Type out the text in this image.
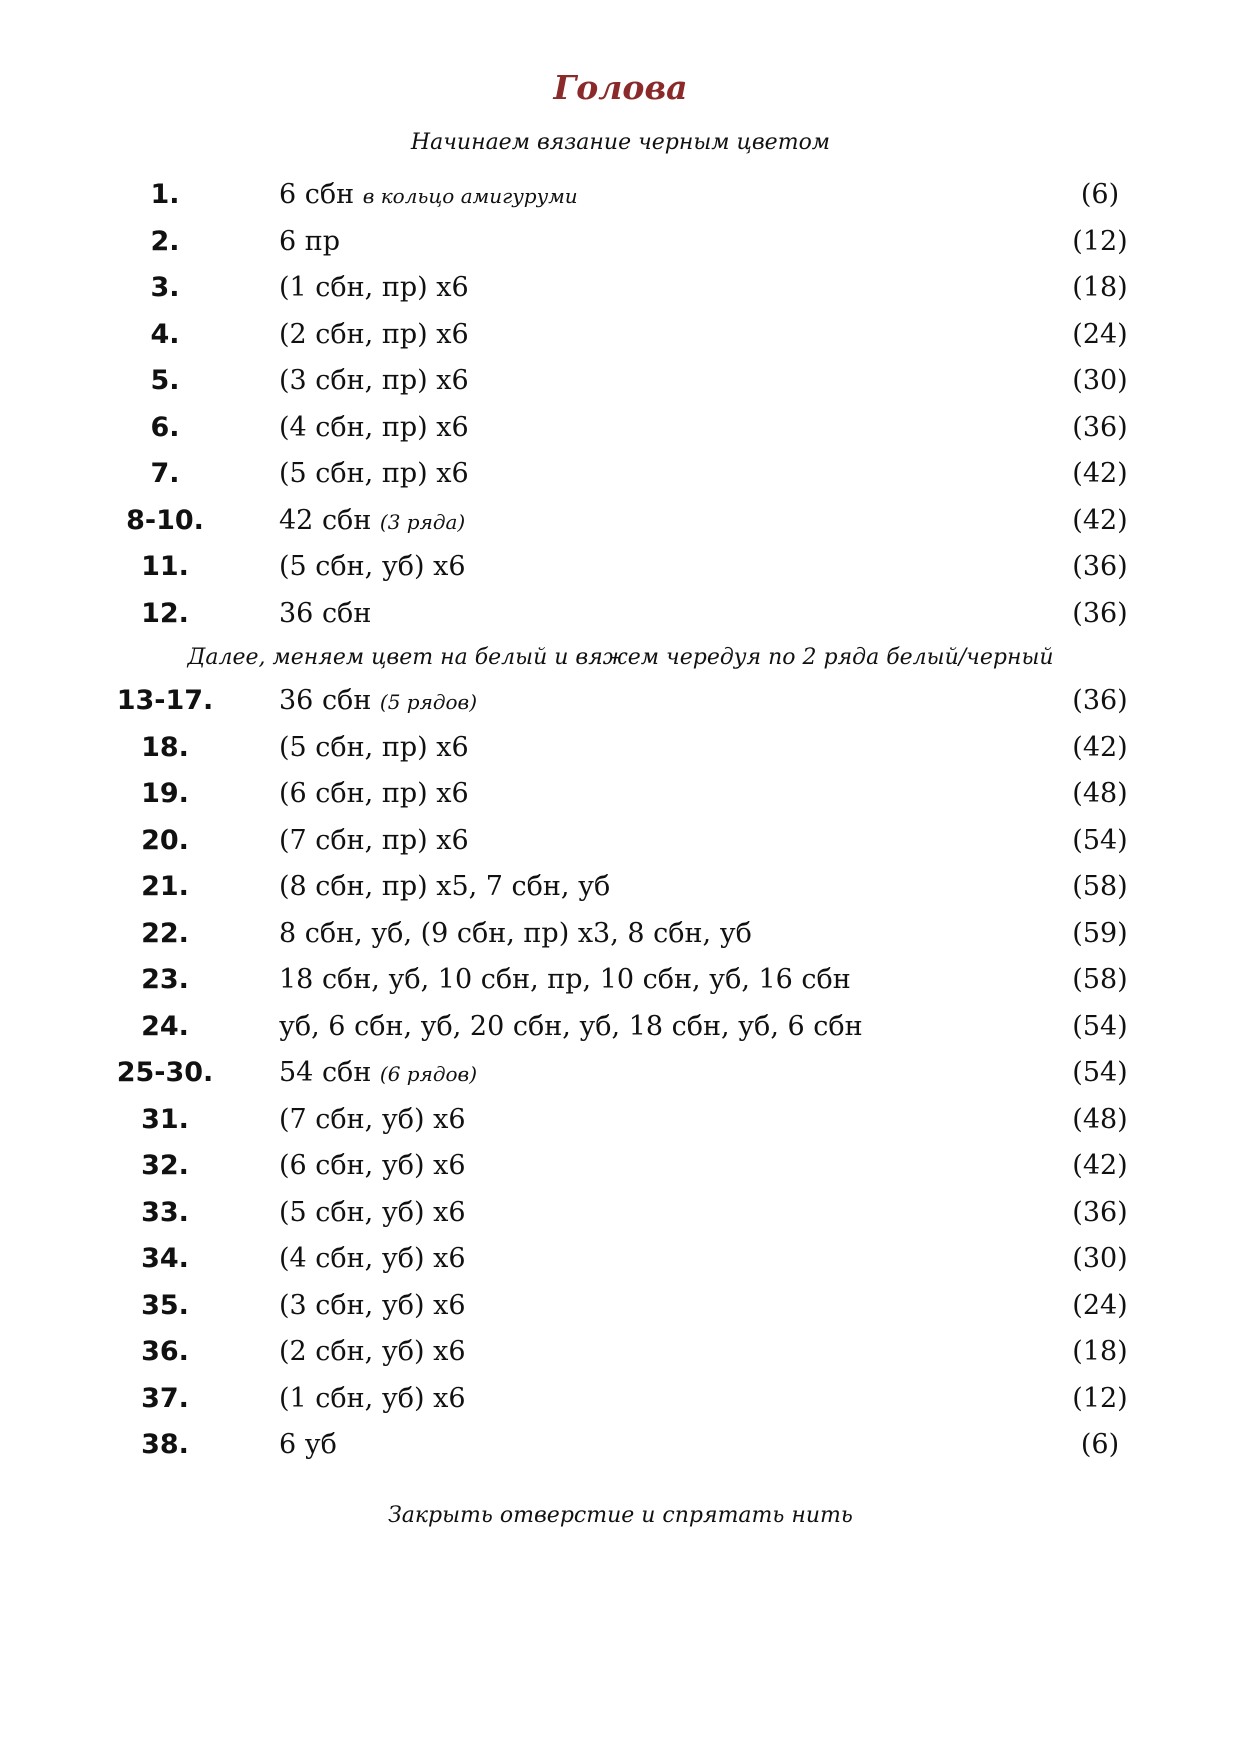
Голова
Начинаем вязание черным цветом
1.	6 сбн в кольцо амигуруми	(6)
2.	6 пр	(12)
3.	(1 сбн, пр) х6	(18)
4.	(2 сбн, пр) х6	(24)
5.	(3 сбн, пр) х6	(30)
6.	(4 сбн, пр) х6	(36)
7.	(5 сбн, пр) х6	(42)
8-10.	42 сбн (3 ряда)	(42)
11.	(5 сбн, уб) х6	(36)
12.	36 сбн	(36)
Далее, меняем цвет на белый и вяжем чередуя по 2 ряда белый/черный
13-17.	36 сбн (5 рядов)	(36)
18.	(5 сбн, пр) х6	(42)
19.	(6 сбн, пр) х6	(48)
20.	(7 сбн, пр) х6	(54)
21.	(8 сбн, пр) х5, 7 сбн, уб	(58)
22.	8 сбн, уб, (9 сбн, пр) х3, 8 сбн, уб	(59)
23.	18 сбн, уб, 10 сбн, пр, 10 сбн, уб, 16 сбн	(58)
24.	уб, 6 сбн, уб, 20 сбн, уб, 18 сбн, уб, 6 сбн	(54)
25-30.	54 сбн (6 рядов)	(54)
31.	(7 сбн, уб) х6	(48)
32.	(6 сбн, уб) х6	(42)
33.	(5 сбн, уб) х6	(36)
34.	(4 сбн, уб) х6	(30)
35.	(3 сбн, уб) х6	(24)
36.	(2 сбн, уб) х6	(18)
37.	(1 сбн, уб) х6	(12)
38.	6 уб	(6)
Закрыть отверстие и спрятать нить
